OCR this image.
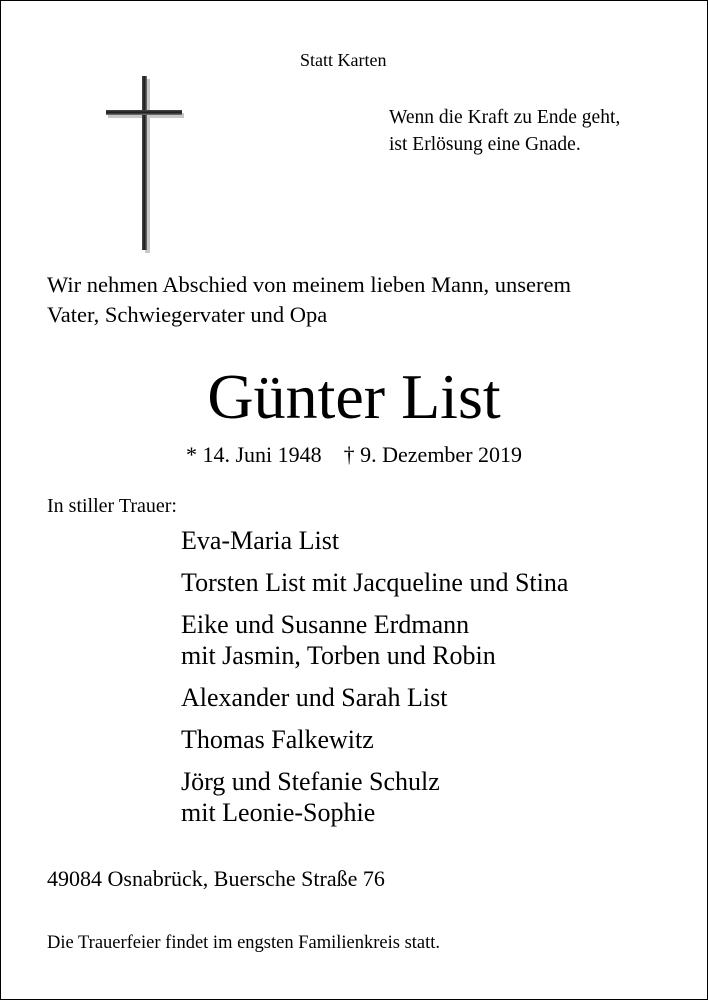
Statt Karten
Wenn die Kraft zu Ende geht,
ist Erlösung eine Gnade.
Wir nehmen Abschied von meinem lieben Mann, unserem
Vater, Schwiegervater und Opa
Günter List
* 14. Juni 1948 † 9. Dezember 2019
In stiller Trauer:
Eva-Maria List
Torsten List mit Jacqueline und Stina
Eike und Susanne Erdmann
mit Jasmin, Torben und Robin
Alexander und Sarah List
Thomas Falkewitz
Jörg und Stefanie Schulz
mit Leonie-Sophie
49084 Osnabrück, Buersche Straße 76
Die Trauerfeier findet im engsten Familienkreis statt.
